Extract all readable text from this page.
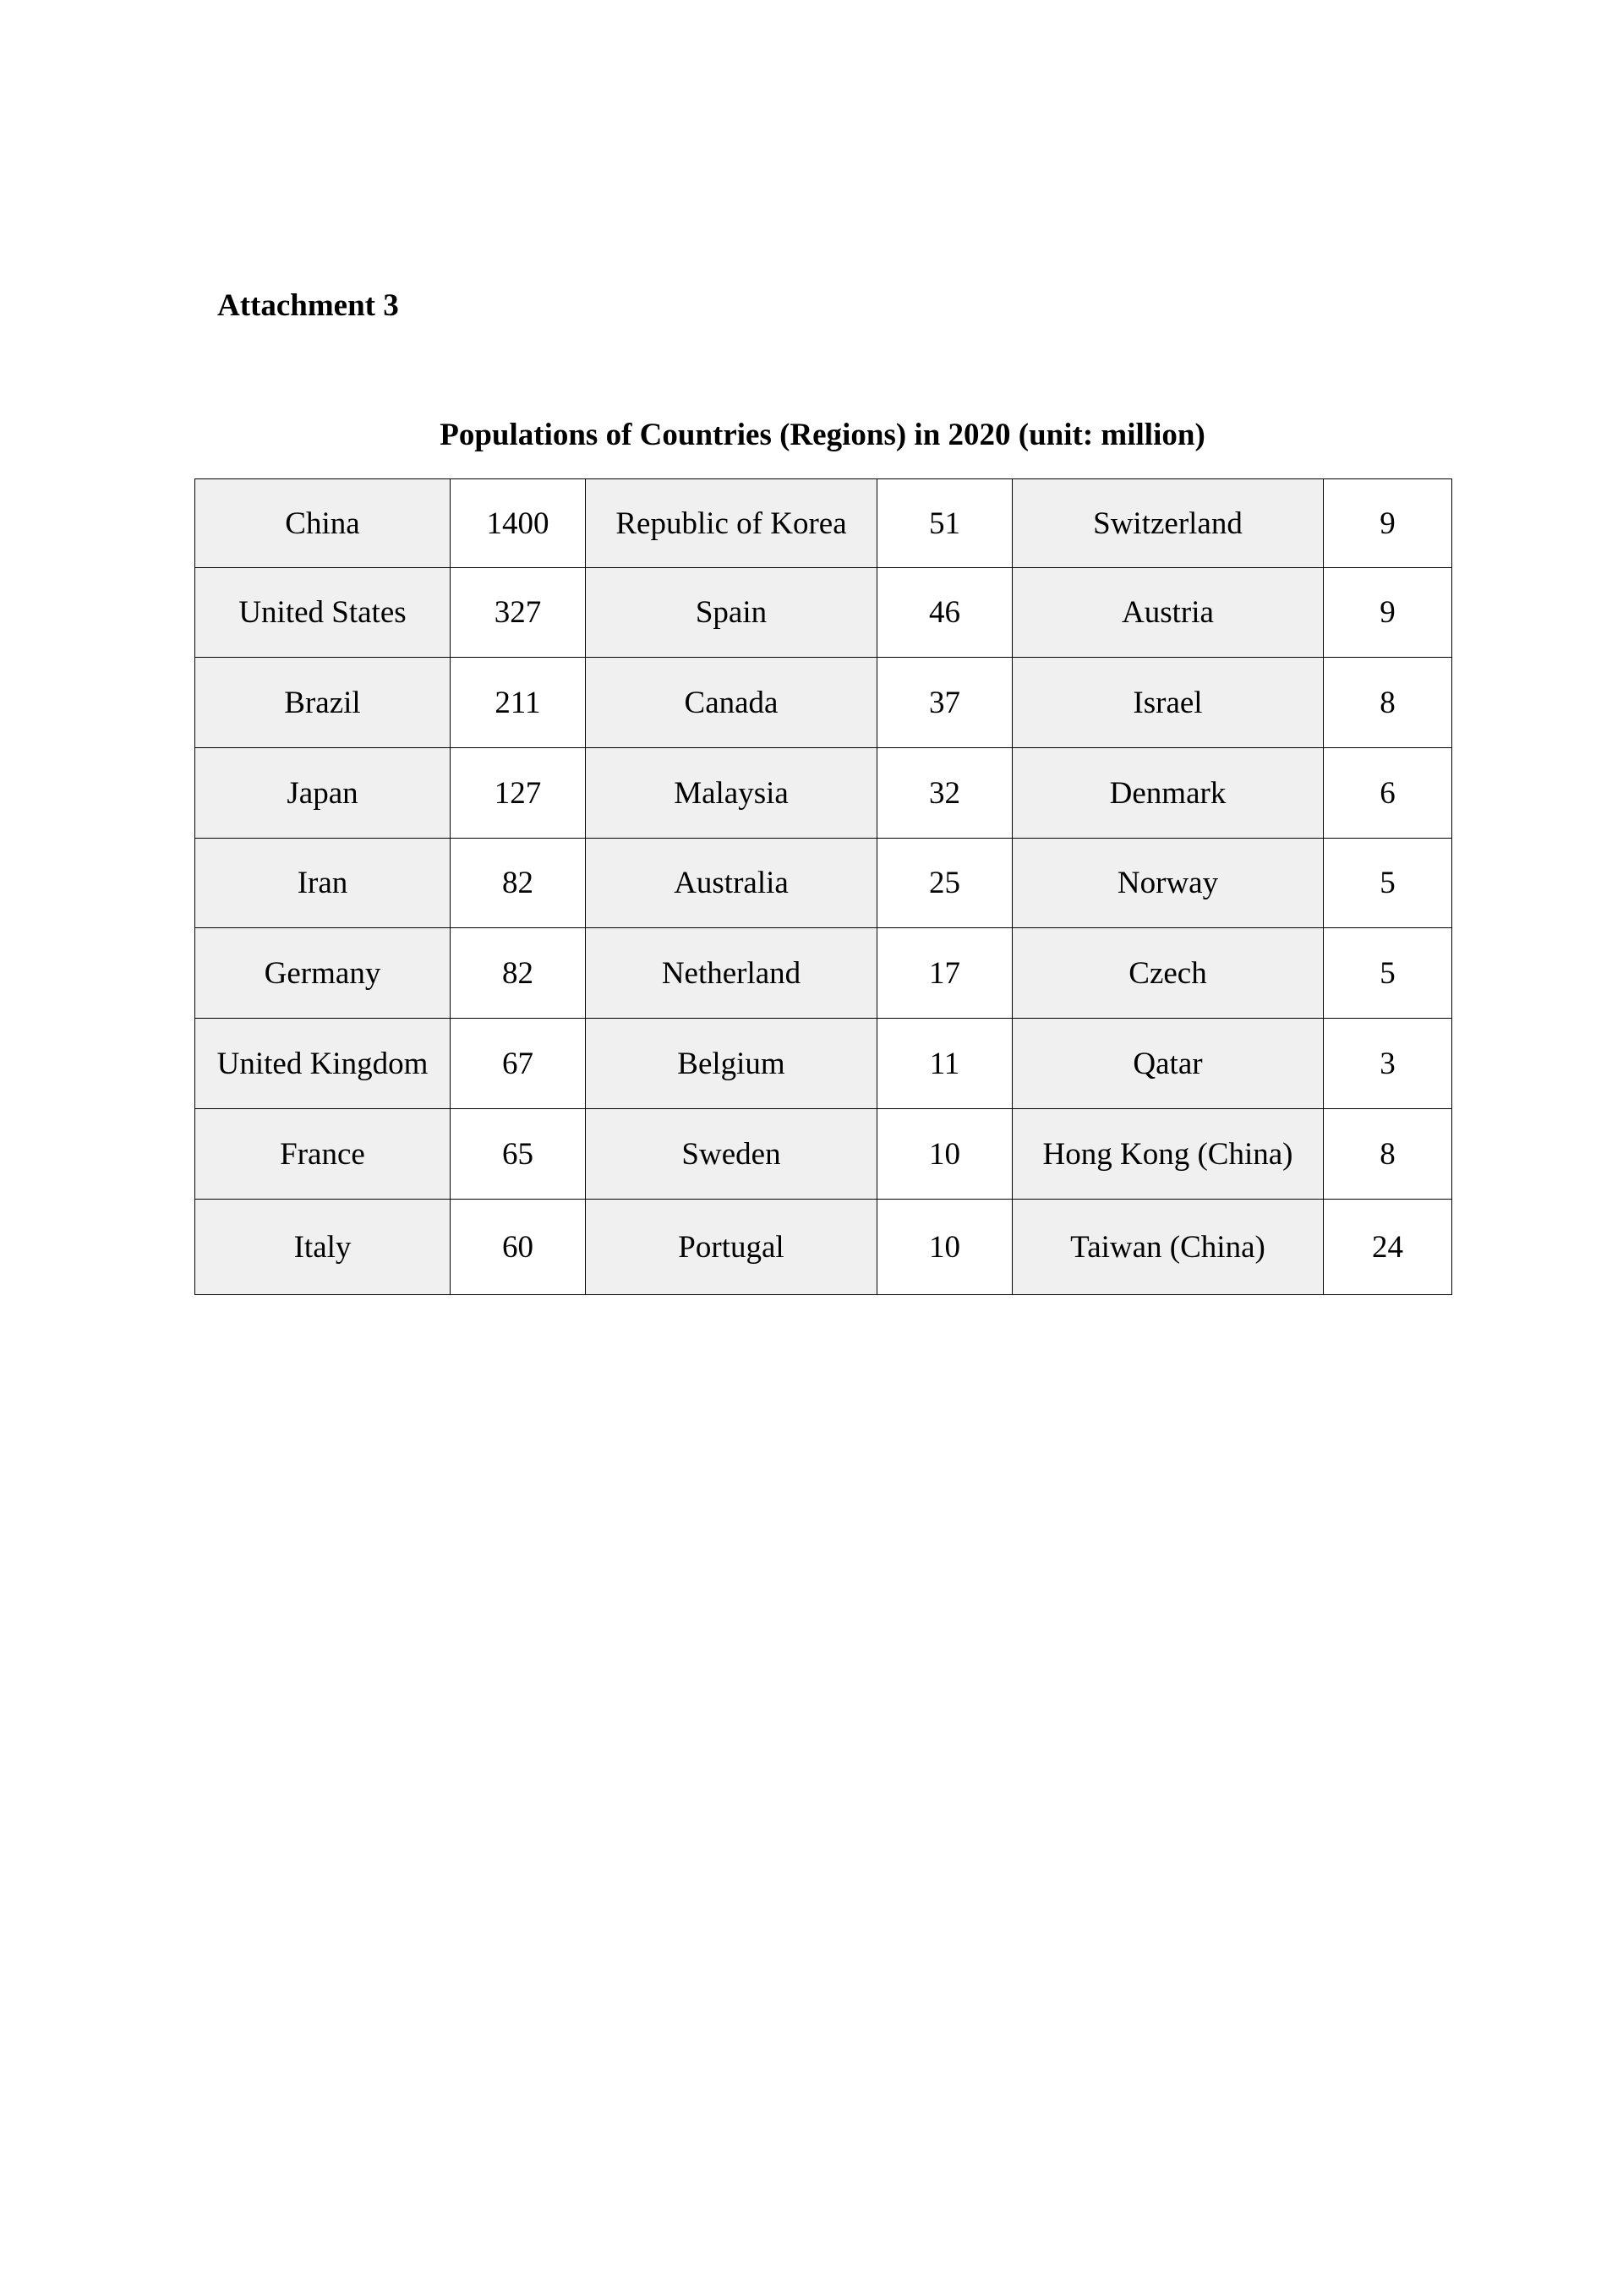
Attachment 3
Populations of Countries (Regions) in 2020 (unit: million)
China	1400	Republic of Korea	51	Switzerland	9
United States	327	Spain	46	Austria	9
Brazil	211	Canada	37	Israel	8
Japan	127	Malaysia	32	Denmark	6
Iran	82	Australia	25	Norway	5
Germany	82	Netherland	17	Czech	5
United Kingdom	67	Belgium	11	Qatar	3
France	65	Sweden	10	Hong Kong (China)	8
Italy	60	Portugal	10	Taiwan (China)	24
